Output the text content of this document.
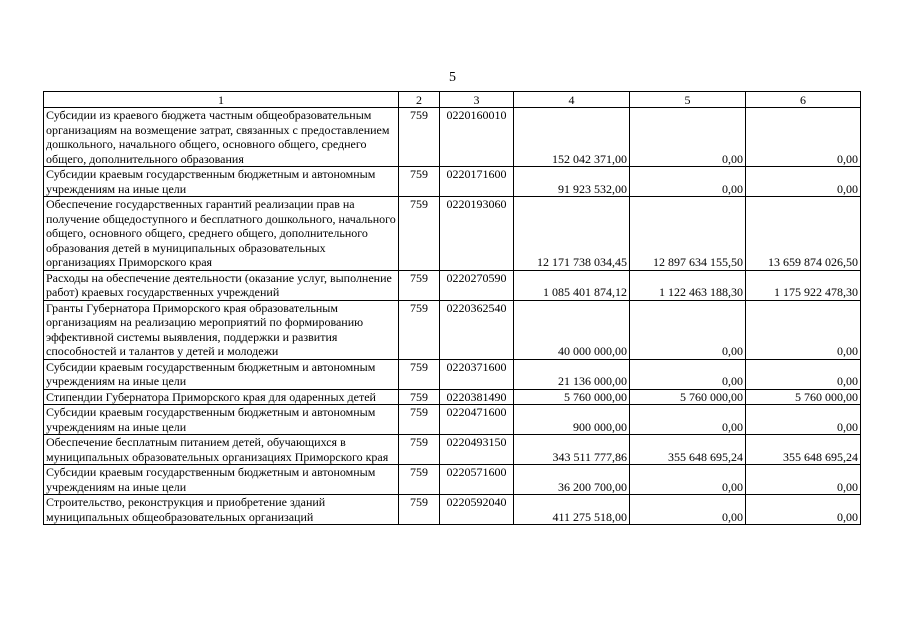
5
1	2	3	4	5	6
Субсидии из краевого бюджета частным общеобразовательным организациям на возмещение затрат, связанных с предоставлением дошкольного, начального общего, основного общего, среднего общего, дополнительного образования	759	0220160010	152 042 371,00	0,00	0,00
Субсидии краевым государственным бюджетным и автономным учреждениям на иные цели	759	0220171600	91 923 532,00	0,00	0,00
Обеспечение государственных гарантий реализации прав на получение общедоступного и бесплатного дошкольного, начального общего, основного общего, среднего общего, дополнительного образования детей в муниципальных образовательных организациях Приморского края	759	0220193060	12 171 738 034,45	12 897 634 155,50	13 659 874 026,50
Расходы на обеспечение деятельности (оказание услуг, выполнение работ) краевых государственных учреждений	759	0220270590	1 085 401 874,12	1 122 463 188,30	1 175 922 478,30
Гранты Губернатора Приморского края образовательным организациям на реализацию мероприятий по формированию эффективной системы выявления, поддержки и развития способностей и талантов у детей и молодежи	759	0220362540	40 000 000,00	0,00	0,00
Субсидии краевым государственным бюджетным и автономным учреждениям на иные цели	759	0220371600	21 136 000,00	0,00	0,00
Стипендии Губернатора Приморского края для одаренных детей	759	0220381490	5 760 000,00	5 760 000,00	5 760 000,00
Субсидии краевым государственным бюджетным и автономным учреждениям на иные цели	759	0220471600	900 000,00	0,00	0,00
Обеспечение бесплатным питанием детей, обучающихся в муниципальных образовательных организациях Приморского края	759	0220493150	343 511 777,86	355 648 695,24	355 648 695,24
Субсидии краевым государственным бюджетным и автономным учреждениям на иные цели	759	0220571600	36 200 700,00	0,00	0,00
Строительство, реконструкция и приобретение зданий муниципальных общеобразовательных организаций	759	0220592040	411 275 518,00	0,00	0,00
